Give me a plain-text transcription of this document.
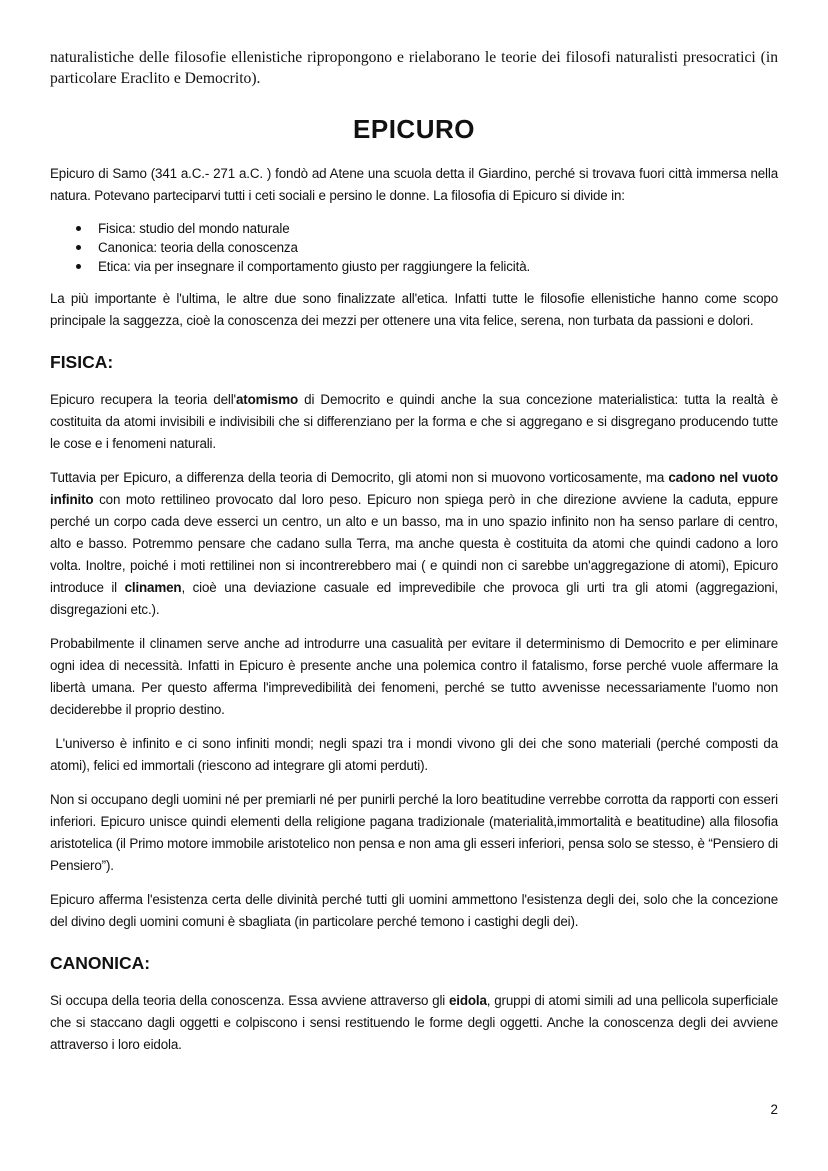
naturalistiche delle filosofie ellenistiche ripropongono e rielaborano le teorie dei filosofi naturalisti presocratici (in particolare Eraclito e Democrito).

EPICURO

Epicuro di Samo (341 a.C.- 271 a.C. ) fondò ad Atene una scuola detta il Giardino, perché si trovava fuori città immersa nella natura. Potevano parteciparvi tutti i ceti sociali e persino le donne. La filosofia di Epicuro si divide in:

Fisica: studio del mondo naturale
Canonica: teoria della conoscenza
Etica: via per insegnare il comportamento giusto per raggiungere la felicità.

La più importante è l'ultima, le altre due sono finalizzate all'etica. Infatti tutte le filosofie ellenistiche hanno come scopo principale la saggezza, cioè la conoscenza dei mezzi per ottenere una vita felice, serena, non turbata da passioni e dolori.

FISICA:

Epicuro recupera la teoria dell'atomismo di Democrito e quindi anche la sua concezione materialistica: tutta la realtà è costituita da atomi invisibili e indivisibili che si differenziano per la forma e che si aggregano e si disgregano producendo tutte le cose e i fenomeni naturali.

Tuttavia per Epicuro, a differenza della teoria di Democrito, gli atomi non si muovono vorticosamente, ma cadono nel vuoto infinito con moto rettilineo provocato dal loro peso. Epicuro non spiega però in che direzione avviene la caduta, eppure perché un corpo cada deve esserci un centro, un alto e un basso, ma in uno spazio infinito non ha senso parlare di centro, alto e basso. Potremmo pensare che cadano sulla Terra, ma anche questa è costituita da atomi che quindi cadono a loro volta. Inoltre, poiché i moti rettilinei non si incontrerebbero mai ( e quindi non ci sarebbe un'aggregazione di atomi), Epicuro introduce il clinamen, cioè una deviazione casuale ed imprevedibile che provoca gli urti tra gli atomi (aggregazioni, disgregazioni etc.).

Probabilmente il clinamen serve anche ad introdurre una casualità per evitare il determinismo di Democrito e per eliminare ogni idea di necessità. Infatti in Epicuro è presente anche una polemica contro il fatalismo, forse perché vuole affermare la libertà umana. Per questo afferma l'imprevedibilità dei fenomeni, perché se tutto avvenisse necessariamente l'uomo non deciderebbe il proprio destino.

L'universo è infinito e ci sono infiniti mondi; negli spazi tra i mondi vivono gli dei che sono materiali (perché composti da atomi), felici ed immortali (riescono ad integrare gli atomi perduti).

Non si occupano degli uomini né per premiarli né per punirli perché la loro beatitudine verrebbe corrotta da rapporti con esseri inferiori. Epicuro unisce quindi elementi della religione pagana tradizionale (materialità,immortalità e beatitudine) alla filosofia aristotelica (il Primo motore immobile aristotelico non pensa e non ama gli esseri inferiori, pensa solo se stesso, è “Pensiero di Pensiero”).

Epicuro afferma l'esistenza certa delle divinità perché tutti gli uomini ammettono l'esistenza degli dei, solo che la concezione del divino degli uomini comuni è sbagliata (in particolare perché temono i castighi degli dei).

CANONICA:

Si occupa della teoria della conoscenza. Essa avviene attraverso gli eidola, gruppi di atomi simili ad una pellicola superficiale che si staccano dagli oggetti e colpiscono i sensi restituendo le forme degli oggetti. Anche la conoscenza degli dei avviene attraverso i loro eidola.

2
